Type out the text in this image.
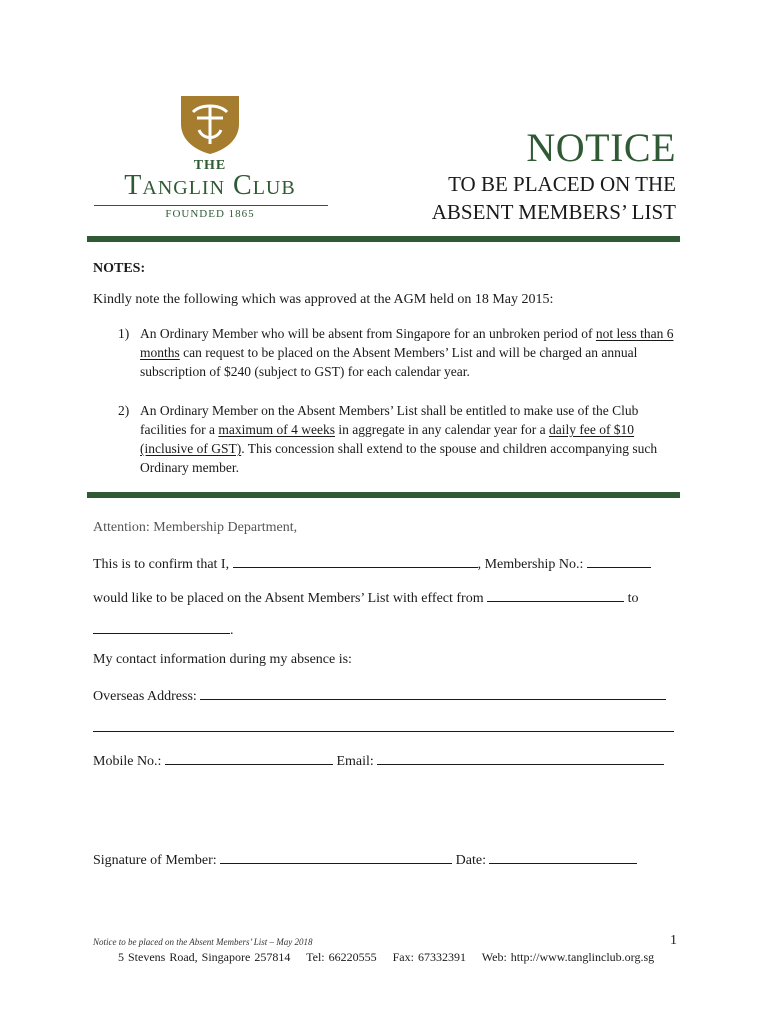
THE
Tanglin Club
FOUNDED 1865
NOTICE
TO BE PLACED ON THE
ABSENT MEMBERS’ LIST
NOTES:
Kindly note the following which was approved at the AGM held on 18 May 2015:
1) An Ordinary Member who will be absent from Singapore for an unbroken period of not less than 6 months can request to be placed on the Absent Members’ List and will be charged an annual subscription of $240 (subject to GST) for each calendar year.
2) An Ordinary Member on the Absent Members’ List shall be entitled to make use of the Club facilities for a maximum of 4 weeks in aggregate in any calendar year for a daily fee of $10 (inclusive of GST). This concession shall extend to the spouse and children accompanying such Ordinary member.
Attention: Membership Department,
This is to confirm that I,	, Membership No.:
would like to be placed on the Absent Members’ List with effect from	to
.
My contact information during my absence is:
Overseas Address:
Mobile No.:	Email:
Signature of Member:	Date:
Notice to be placed on the Absent Members’ List – May 2018	1
5 Stevens Road, Singapore 257814 Tel: 66220555 Fax: 67332391 Web: http://www.tanglinclub.org.sg
